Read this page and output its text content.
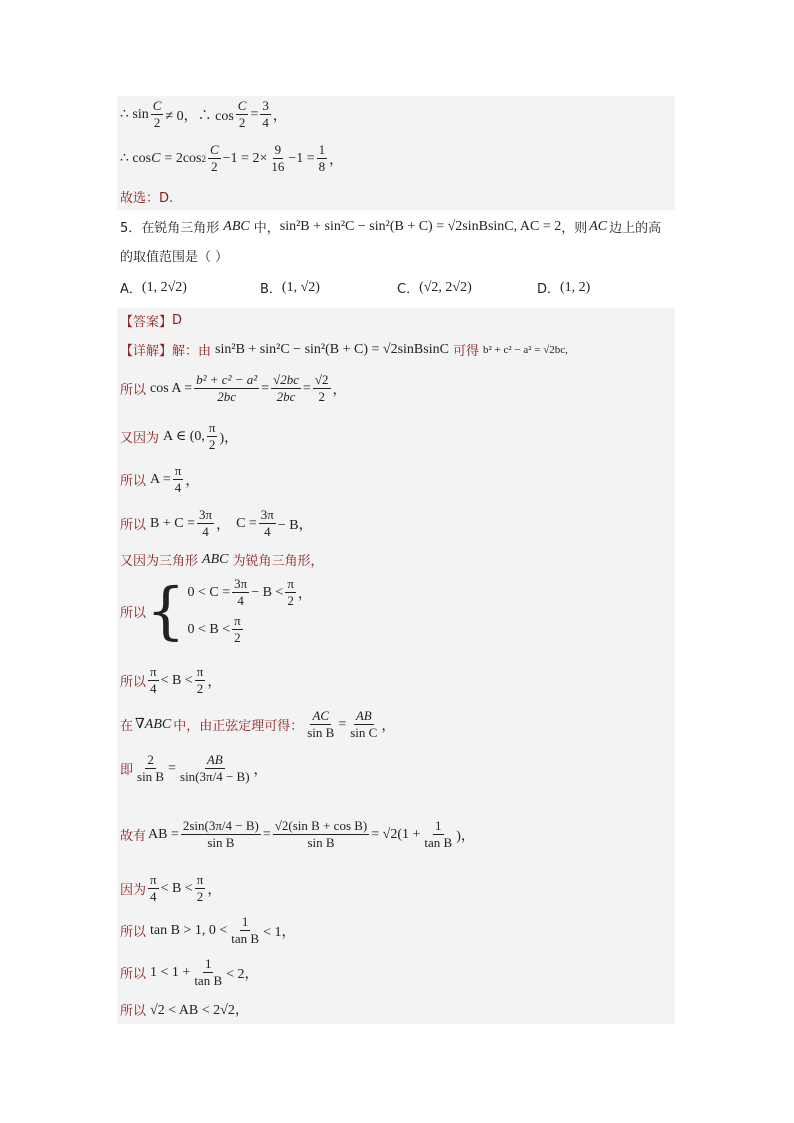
∴ sin
C
2 ≠ 0，∴ $\cos \frac{C}{2} = \frac{3}{4}$ ，
∴ cos C = 2cos 2
C
2
$-1 = 2\times \frac{9}{16} -1 = \frac{1}{8}$ ，
故选：D.
5．在锐角三角形 ABC 中， sin²B + sin²C − sin²(B + C) = √2sinBsinC, AC = 2 ，则 AC 边上的高
的取值范围是（ ）
A． (1, 2√2)	B． (1, √2)	C． (√2, 2√2)	D． (1, 2)
【答案】 D
【详解】 解：由 sin²B + sin²C − sin²(B + C) = √2sinBsinC 可得 b² + c² − a² = √2bc,
所以 $\cos A = \frac{\text{b² + c² − a²}}{2bc} = \frac{√2bc}{2bc} = \frac{√2}{2}$ ，
又因为 A ∈ (0,
π
2 )，
所以 $A = \frac{\pi}{4}$ ，
所以 $B + C = \frac{3\pi}{4}$ ， $C = \frac{3\pi}{4} - B$，
又因为三角形 ABC 为锐角三角形，
所以 { $0 < C = \frac{3\pi}{4} - B$ <
π
2 ，
0 < B <
π
2
所以
π
4
< B <
π
2 ，
在 ∇ABC 中，由正弦定理可得： $\frac{AC}{\text{sin B}} = \frac{AB}{\text{sin C}}$ ，
即 $\frac{2}{\text{sin B}} = \frac{AB}{\sin(3\pi/4 - B)}$ ，
故有 AB = $\frac{2\sin(3\pi/4 - B)}{\text{sin B}} = \frac{\text{√2(sin B + cos B)}}{\text{sin B}} = √2(1 + \frac{1}{\text{tan B}}$ )，
因为
π
4
< B <
π
2 ，
所以 tan B > 1, 0 <
1
tan B < 1，
所以 $1 < 1 + \frac{1}{\text{tan B}} < 2$，
所以 √2 < AB < 2√2，
